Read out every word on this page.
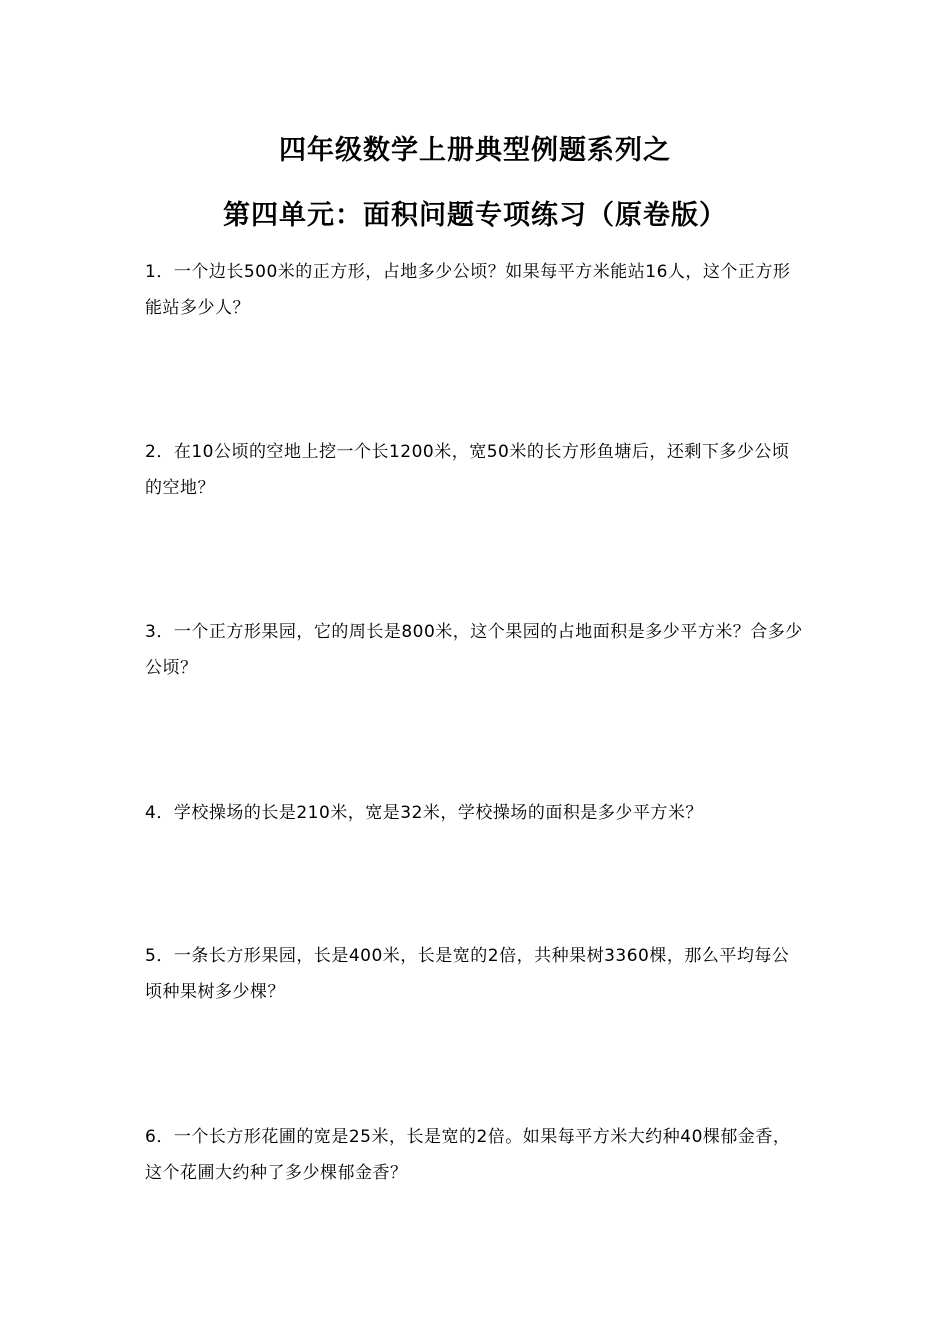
四年级数学上册典型例题系列之
第四单元：面积问题专项练习（原卷版）
1．一个边长500米的正方形，占地多少公顷？如果每平方米能站16人，这个正方形能站多少人？
2．在10公顷的空地上挖一个长1200米，宽50米的长方形鱼塘后，还剩下多少公顷的空地？
3．一个正方形果园，它的周长是800米，这个果园的占地面积是多少平方米？合多少公顷？
4．学校操场的长是210米，宽是32米，学校操场的面积是多少平方米？
5．一条长方形果园，长是400米，长是宽的2倍，共种果树3360棵，那么平均每公顷种果树多少棵？
6．一个长方形花圃的宽是25米，长是宽的2倍。如果每平方米大约种40棵郁金香，这个花圃大约种了多少棵郁金香？
